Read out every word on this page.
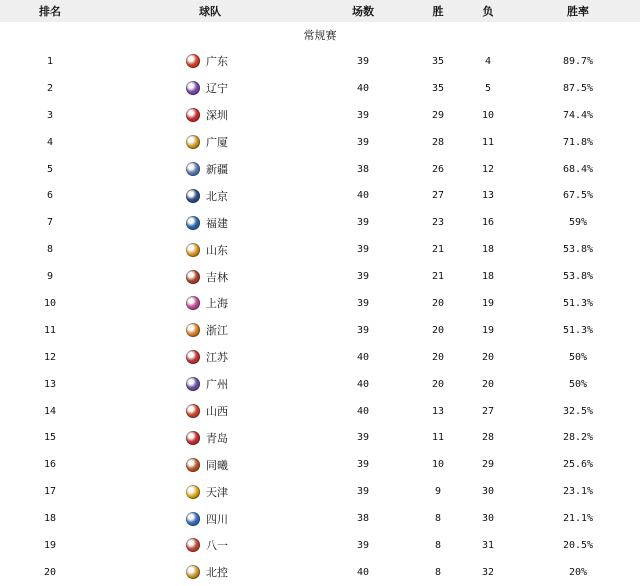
排名	球队	场数	胜	负	胜率
常规赛
1	广东	39	35	4	89.7%
2	辽宁	40	35	5	87.5%
3	深圳	39	29	10	74.4%
4	广厦	39	28	11	71.8%
5	新疆	38	26	12	68.4%
6	北京	40	27	13	67.5%
7	福建	39	23	16	59%
8	山东	39	21	18	53.8%
9	吉林	39	21	18	53.8%
10	上海	39	20	19	51.3%
11	浙江	39	20	19	51.3%
12	江苏	40	20	20	50%
13	广州	40	20	20	50%
14	山西	40	13	27	32.5%
15	青岛	39	11	28	28.2%
16	同曦	39	10	29	25.6%
17	天津	39	9	30	23.1%
18	四川	38	8	30	21.1%
19	八一	39	8	31	20.5%
20	北控	40	8	32	20%
